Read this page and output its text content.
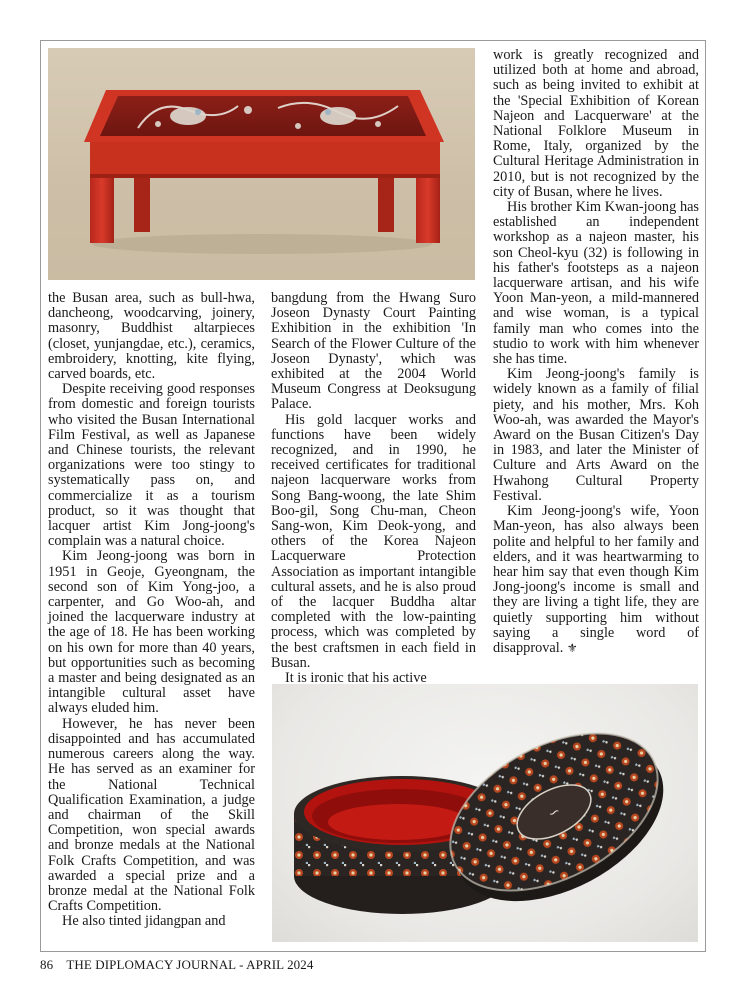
∽

the Busan area, such as bull-hwa, dancheong, woodcarving, joinery, masonry, Buddhist altarpieces (closet, yunjangdae, etc.), ceramics, embroidery, knotting, kite flying, carved boards, etc.

Despite receiving good responses from domestic and foreign tourists who visited the Busan International Film Festival, as well as Japanese and Chinese tourists, the relevant organizations were too stingy to systematically pass on, and commercialize it as a tourism product, so it was thought that lacquer artist Kim Jong-joong's complain was a natural choice.

Kim Jeong-joong was born in 1951 in Geoje, Gyeongnam, the second son of Kim Yong-joo, a carpenter, and Go Woo-ah, and joined the lacquerware industry at the age of 18. He has been working on his own for more than 40 years, but opportunities such as becoming a master and being designated as an intangible cultural asset have always eluded him.

However, he has never been disappointed and has accumulated numerous careers along the way. He has served as an examiner for the National Technical Qualification Examination, a judge and chairman of the Skill Competition, won special awards and bronze medals at the National Folk Crafts Competition, and was awarded a special prize and a bronze medal at the National Folk Crafts Competition.

He also tinted jidangpan and

bangdung from the Hwang Suro Joseon Dynasty Court Painting Exhibition in the exhibition 'In Search of the Flower Culture of the Joseon Dynasty', which was exhibited at the 2004 World Museum Congress at Deoksugung Palace.

His gold lacquer works and functions have been widely recognized, and in 1990, he received certificates for traditional najeon lacquerware works from Song Bang-woong, the late Shim Boo-gil, Song Chu-man, Cheon Sang-won, Kim Deok-yong, and others of the Korea Najeon Lacquerware Protection Association as important intangible cultural assets, and he is also proud of the lacquer Buddha altar completed with the low-painting process, which was completed by the best craftsmen in each field in Busan.

It is ironic that his active

work is greatly recognized and utilized both at home and abroad, such as being invited to exhibit at the 'Special Exhibition of Korean Najeon and Lacquerware' at the National Folklore Museum in Rome, Italy, organized by the Cultural Heritage Administration in 2010, but is not recognized by the city of Busan, where he lives.

His brother Kim Kwan-joong has established an independent workshop as a najeon master, his son Cheol-kyu (32) is following in his father's footsteps as a najeon lacquerware artisan, and his wife Yoon Man-yeon, a mild-mannered and wise woman, is a typical family man who comes into the studio to work with him whenever she has time.

Kim Jeong-joong's family is widely known as a family of filial piety, and his mother, Mrs. Koh Woo-ah, was awarded the Mayor's Award on the Busan Citizen's Day in 1983, and later the Minister of Culture and Arts Award on the Hwahong Cultural Property Festival.

Kim Jeong-joong's wife, Yoon Man-yeon, has also always been polite and helpful to her family and elders, and it was heartwarming to hear him say that even though Kim Jong-joong's income is small and they are living a tight life, they are quietly supporting him without saying a single word of disapproval. ⚜

86 THE DIPLOMACY JOURNAL - APRIL 2024
